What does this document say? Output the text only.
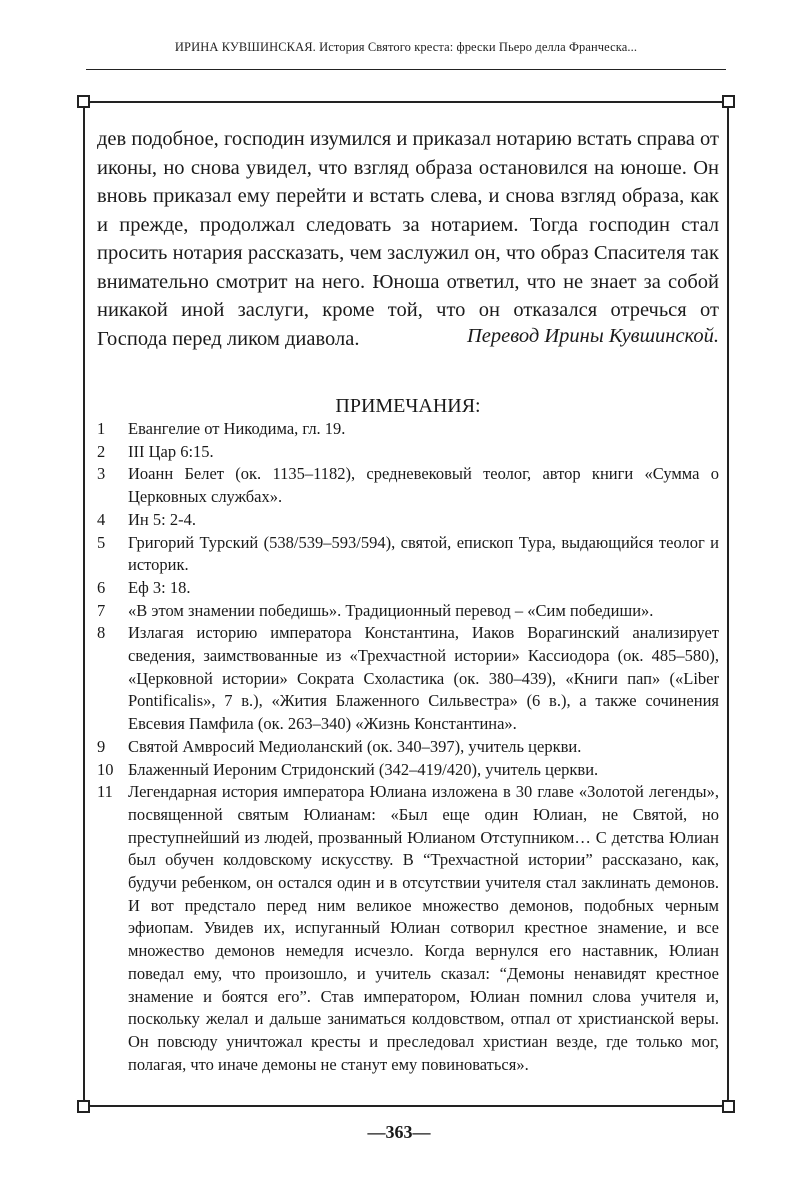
ИРИНА КУВШИНСКАЯ. История Святого креста: фрески Пьеро делла Франческа...

дев подобное, господин изумился и приказал нотарию встать справа от иконы, но снова увидел, что взгляд образа остановился на юноше. Он вновь приказал ему перейти и встать слева, и снова взгляд образа, как и прежде, продолжал следовать за нотарием. Тогда господин стал просить нотария рассказать, чем заслужил он, что образ Спасителя так внимательно смотрит на него. Юноша ответил, что не знает за собой никакой иной заслуги, кроме той, что он отказался отречься от Господа перед ликом диавола.	Перевод Ирины Кувшинской.

ПРИМЕЧАНИЯ:
1	Евангелие от Никодима, гл. 19.
2	III Цар 6:15.
3	Иоанн Белет (ок. 1135–1182), средневековый теолог, автор книги «Сумма о Церковных службах».
4	Ин 5: 2-4.
5	Григорий Турский (538/539–593/594), святой, епископ Тура, выдающийся теолог и историк.
6	Еф 3: 18.
7	«В этом знамении победишь». Традиционный перевод – «Сим победиши».
8	Излагая историю императора Константина, Иаков Ворагинский анализирует сведения, заимствованные из «Трехчастной истории» Кассиодора (ок. 485–580), «Церковной истории» Сократа Схоластика (ок. 380–439), «Книги пап» («Liber Pontificalis», 7 в.), «Жития Блаженного Сильвестра» (6 в.), а также сочинения Евсевия Памфила (ок. 263–340) «Жизнь Константина».
9	Святой Амвросий Медиоланский (ок. 340–397), учитель церкви.
10 Блаженный Иероним Стридонский (342–419/420), учитель церкви.
11 Легендарная история императора Юлиана изложена в 30 главе «Золотой легенды», посвященной святым Юлианам: «Был еще один Юлиан, не Святой, но преступнейший из людей, прозванный Юлианом Отступником… С детства Юлиан был обучен колдовскому искусству. В “Трехчастной истории” рассказано, как, будучи ребенком, он остался один и в отсутствии учителя стал заклинать демонов. И вот предстало перед ним великое множество демонов, подобных черным эфиопам. Увидев их, испуганный Юлиан сотворил крестное знамение, и все множество демонов немедля исчезло. Когда вернулся его наставник, Юлиан поведал ему, что произошло, и учитель сказал: “Демоны ненавидят крестное знамение и боятся его”. Став императором, Юлиан помнил слова учителя и, поскольку желал и дальше заниматься колдовством, отпал от христианской веры. Он повсюду уничтожал кресты и преследовал христиан везде, где только мог, полагая, что иначе демоны не станут ему повиноваться».
—363—
